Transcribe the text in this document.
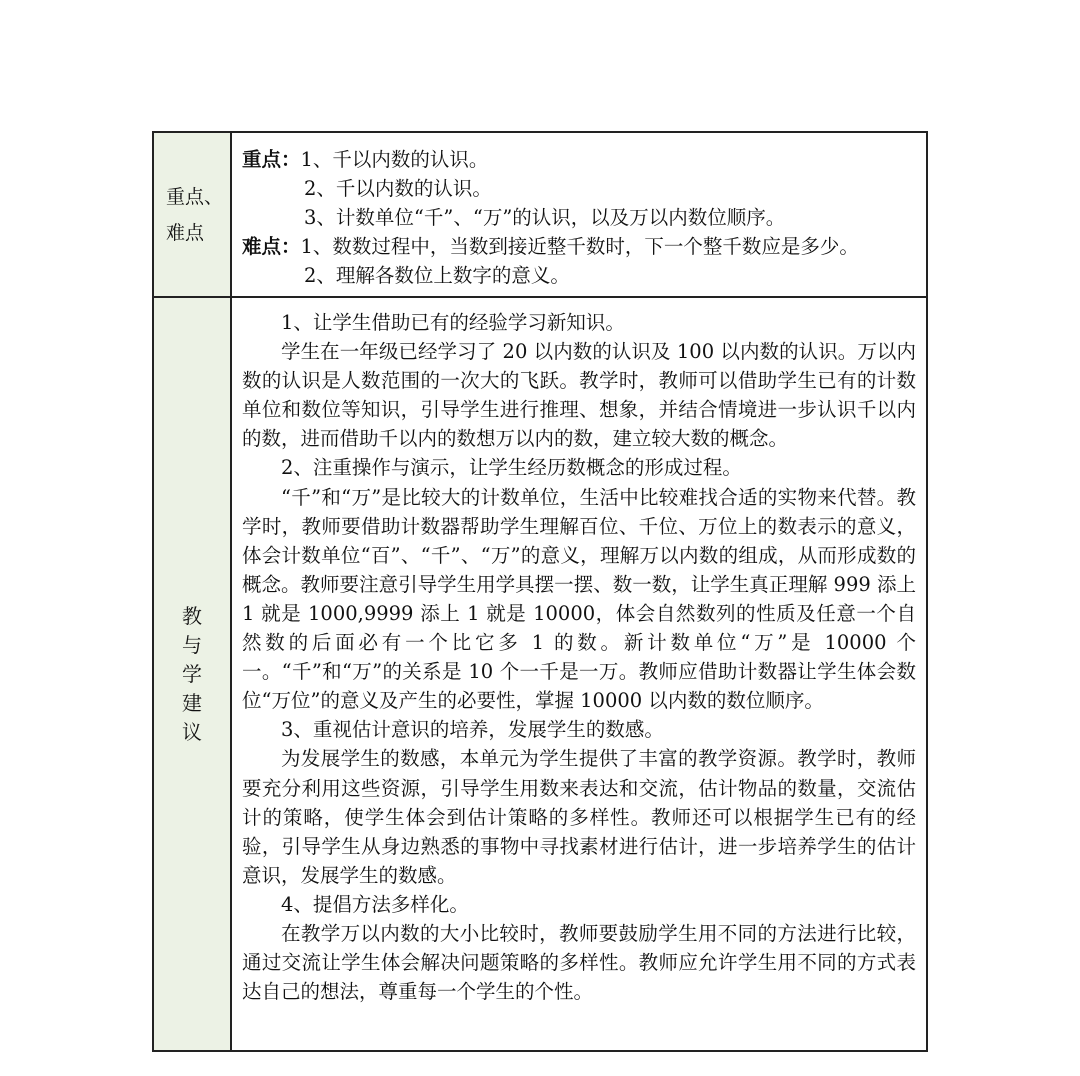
重点、难点
重点：1、千以内数的认识。
2、千以内数的认识。
3、计数单位“千”、“万”的认识，以及万以内数位顺序。
难点：1、数数过程中，当数到接近整千数时，下一个整千数应是多少。
2、理解各数位上数字的意义。
教与学建议

1、让学生借助已有的经验学习新知识。

学生在一年级已经学习了 20 以内数的认识及 100 以内数的认识。万以内数的认识是人数范围的一次大的飞跃。教学时，教师可以借助学生已有的计数单位和数位等知识，引导学生进行推理、想象，并结合情境进一步认识千以内的数，进而借助千以内的数想万以内的数，建立较大数的概念。

2、注重操作与演示，让学生经历数概念的形成过程。

“千”和“万”是比较大的计数单位，生活中比较难找合适的实物来代替。教学时，教师要借助计数器帮助学生理解百位、千位、万位上的数表示的意义，体会计数单位“百”、“千”、“万”的意义，理解万以内数的组成，从而形成数的概念。教师要注意引导学生用学具摆一摆、数一数，让学生真正理解 999 添上 1 就是 1000,9999 添上 1 就是 10000，体会自然数列的性质及任意一个自然数的后面必有一个比它多 1 的数。新计数单位“万”是 10000 个一。“千”和“万”的关系是 10 个一千是一万。教师应借助计数器让学生体会数位“万位”的意义及产生的必要性，掌握 10000 以内数的数位顺序。

3、重视估计意识的培养，发展学生的数感。

为发展学生的数感，本单元为学生提供了丰富的教学资源。教学时，教师要充分利用这些资源，引导学生用数来表达和交流，估计物品的数量，交流估计的策略，使学生体会到估计策略的多样性。教师还可以根据学生已有的经验，引导学生从身边熟悉的事物中寻找素材进行估计，进一步培养学生的估计意识，发展学生的数感。

4、提倡方法多样化。

在教学万以内数的大小比较时，教师要鼓励学生用不同的方法进行比较，通过交流让学生体会解决问题策略的多样性。教师应允许学生用不同的方式表达自己的想法，尊重每一个学生的个性。
